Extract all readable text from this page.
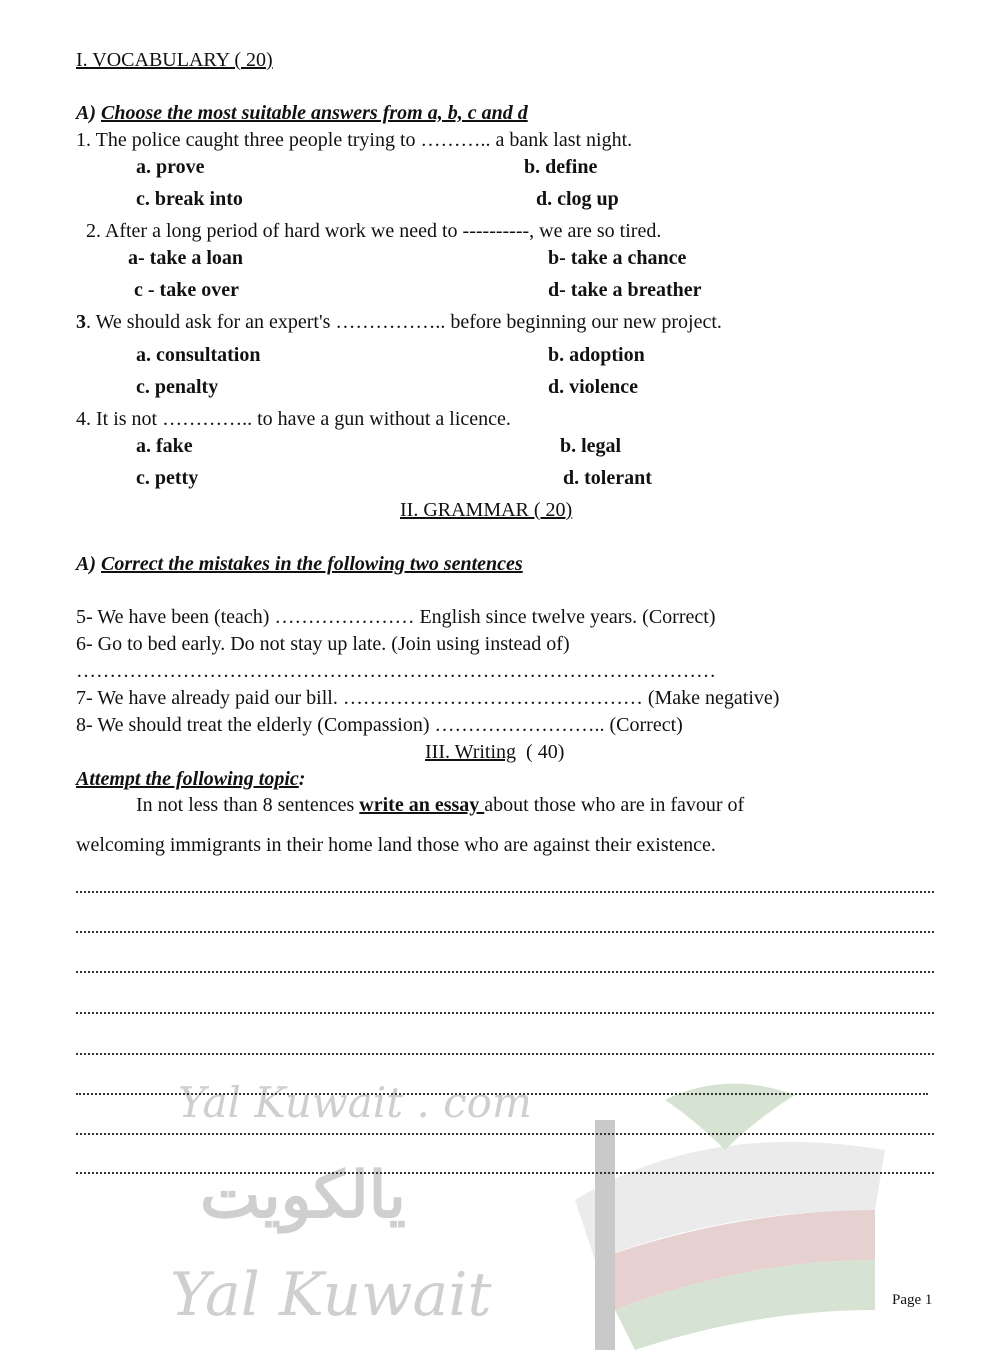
Yal Kuwait . com
يالكويت
Yal Kuwait
I. VOCABULARY ( 20)
A) Choose the most suitable answers from a, b, c and d
1. The police caught three people trying to ……….. a bank last night.
a. prove	b. define
c. break into	d. clog up
2. After a long period of hard work we need to ----------, we are so tired.
a- take a loan	b- take a chance
c - take over	d- take a breather
3. We should ask for an expert's …………….. before beginning our new project.
a. consultation	b. adoption
c. penalty	d. violence
4. It is not ………….. to have a gun without a licence.
a. fake	b. legal
c. petty	d. tolerant
II. GRAMMAR ( 20)
A) Correct the mistakes in the following two sentences
5- We have been (teach) ………………… English since twelve years. (Correct)
6- Go to bed early. Do not stay up late. (Join using instead of)
……………………………………………………………………………………
7- We have already paid our bill. ……………………………………… (Make negative)
8- We should treat the elderly (Compassion) …………………….. (Correct)
III. Writing ( 40)
Attempt the following topic:
In not less than 8 sentences write an essay about those who are in favour of
welcoming immigrants in their home land those who are against their existence.
Page 1
